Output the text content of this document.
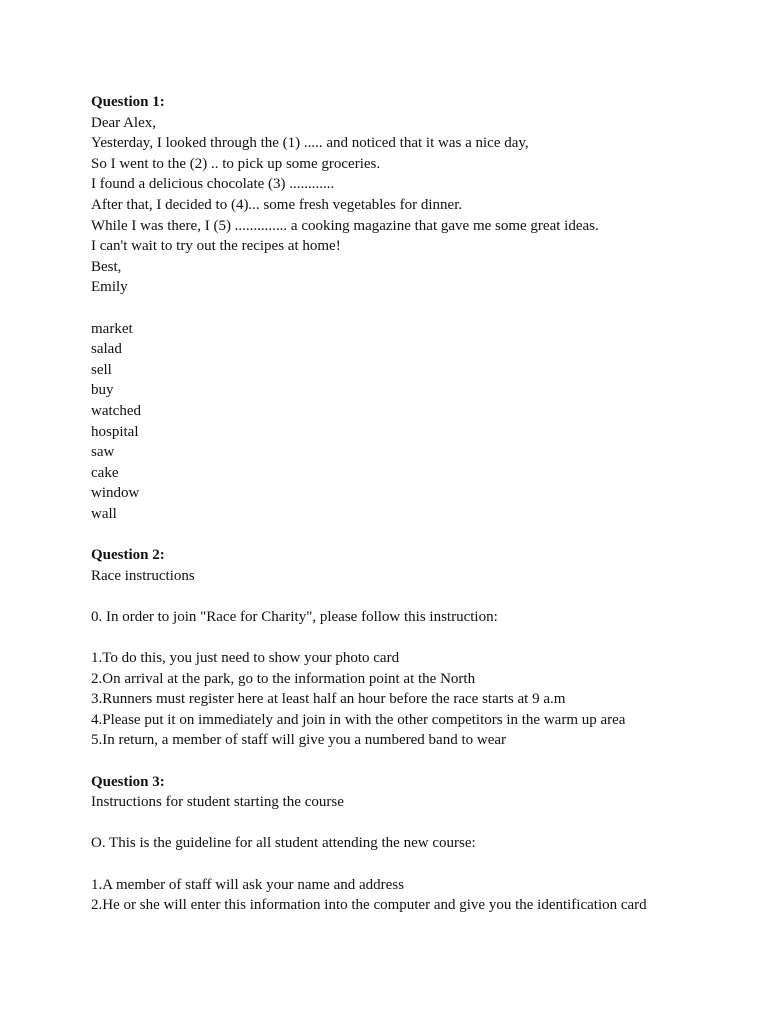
Question 1:
Dear Alex,
Yesterday, I looked through the (1) ..... and noticed that it was a nice day,
So I went to the (2) .. to pick up some groceries.
I found a delicious chocolate (3) ............
After that, I decided to (4)... some fresh vegetables for dinner.
While I was there, I (5) .............. a cooking magazine that gave me some great ideas.
I can't wait to try out the recipes at home!
Best,
Emily
market
salad
sell
buy
watched
hospital
saw
cake
window
wall
Question 2:
Race instructions
0. In order to join "Race for Charity", please follow this instruction:
1.To do this, you just need to show your photo card
2.On arrival at the park, go to the information point at the North
3.Runners must register here at least half an hour before the race starts at 9 a.m
4.Please put it on immediately and join in with the other competitors in the warm up area
5.In return, a member of staff will give you a numbered band to wear
Question 3:
Instructions for student starting the course
O. This is the guideline for all student attending the new course:
1.A member of staff will ask your name and address
2.He or she will enter this information into the computer and give you the identification card
